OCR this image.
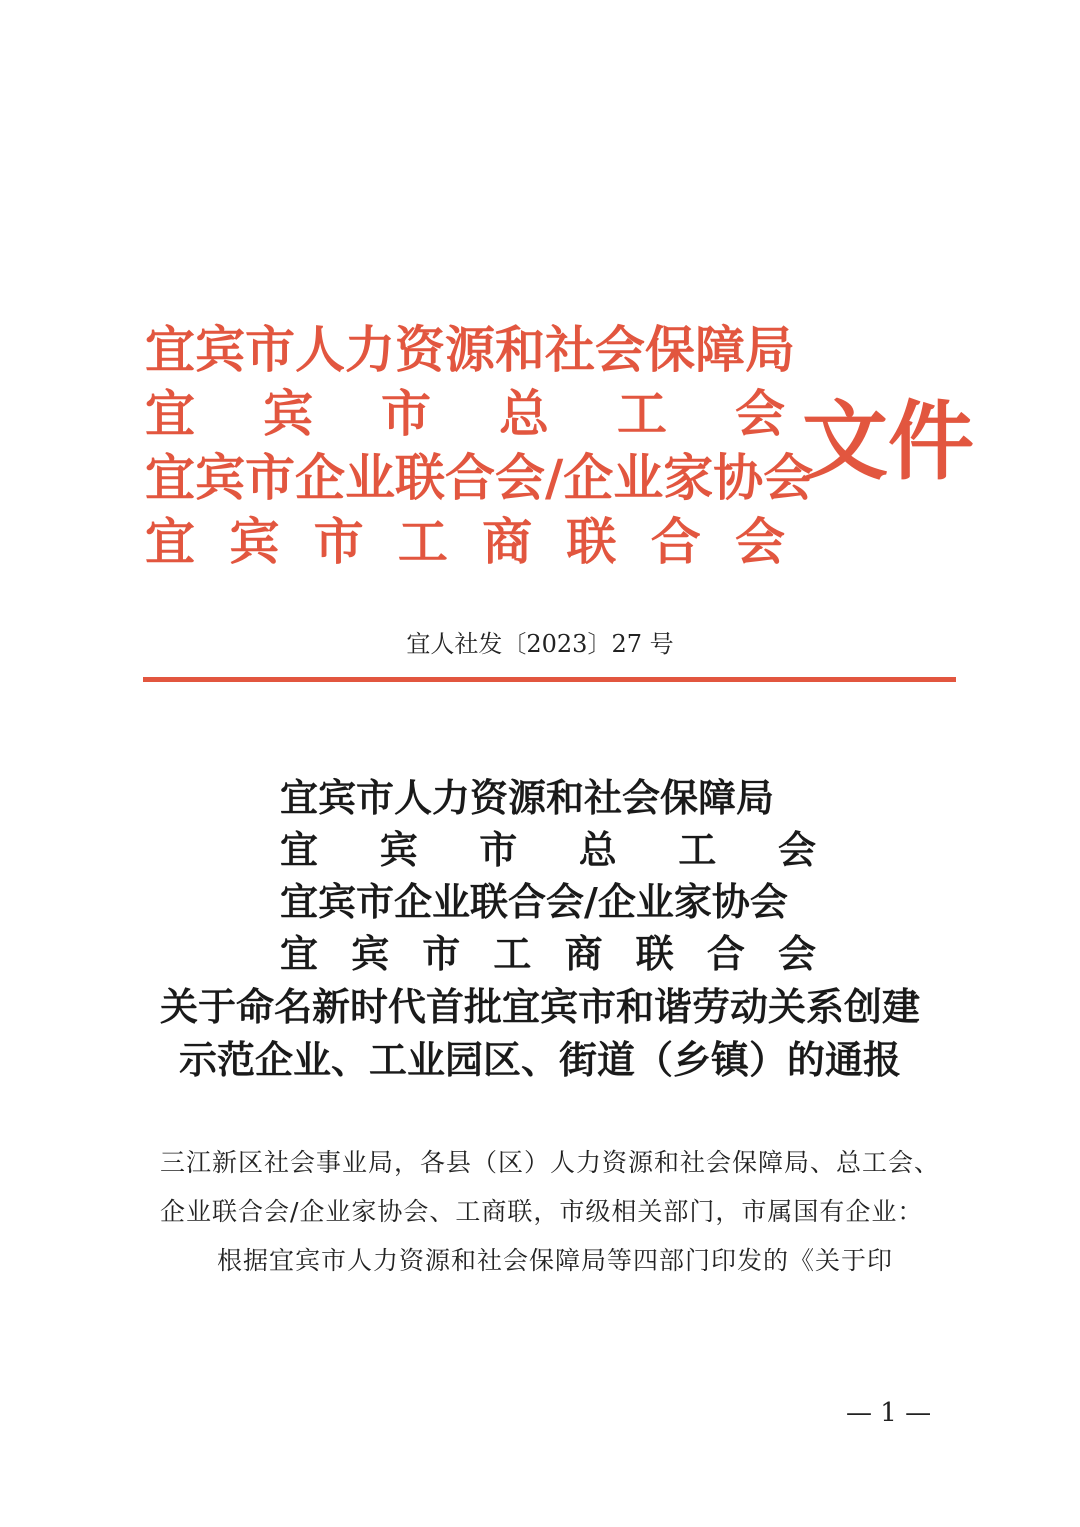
宜宾市人力资源和社会保障局
宜 宾 市 总 工 会
宜宾市企业联合会/企业家协会
宜 宾 市 工 商 联 合 会
文件
宜人社发〔2023〕27 号
宜宾市人力资源和社会保障局
宜 宾 市 总 工 会
宜宾市企业联合会/企业家协会
宜 宾 市 工 商 联 合 会
关于命名新时代首批宜宾市和谐劳动关系创建
示范企业、工业园区、街道（乡镇）的通报
三江新区社会事业局，各县（区）人力资源和社会保障局、总工会、企业联合会/企业家协会、工商联，市级相关部门，市属国有企业：
根据宜宾市人力资源和社会保障局等四部门印发的《关于印
— 1 —
